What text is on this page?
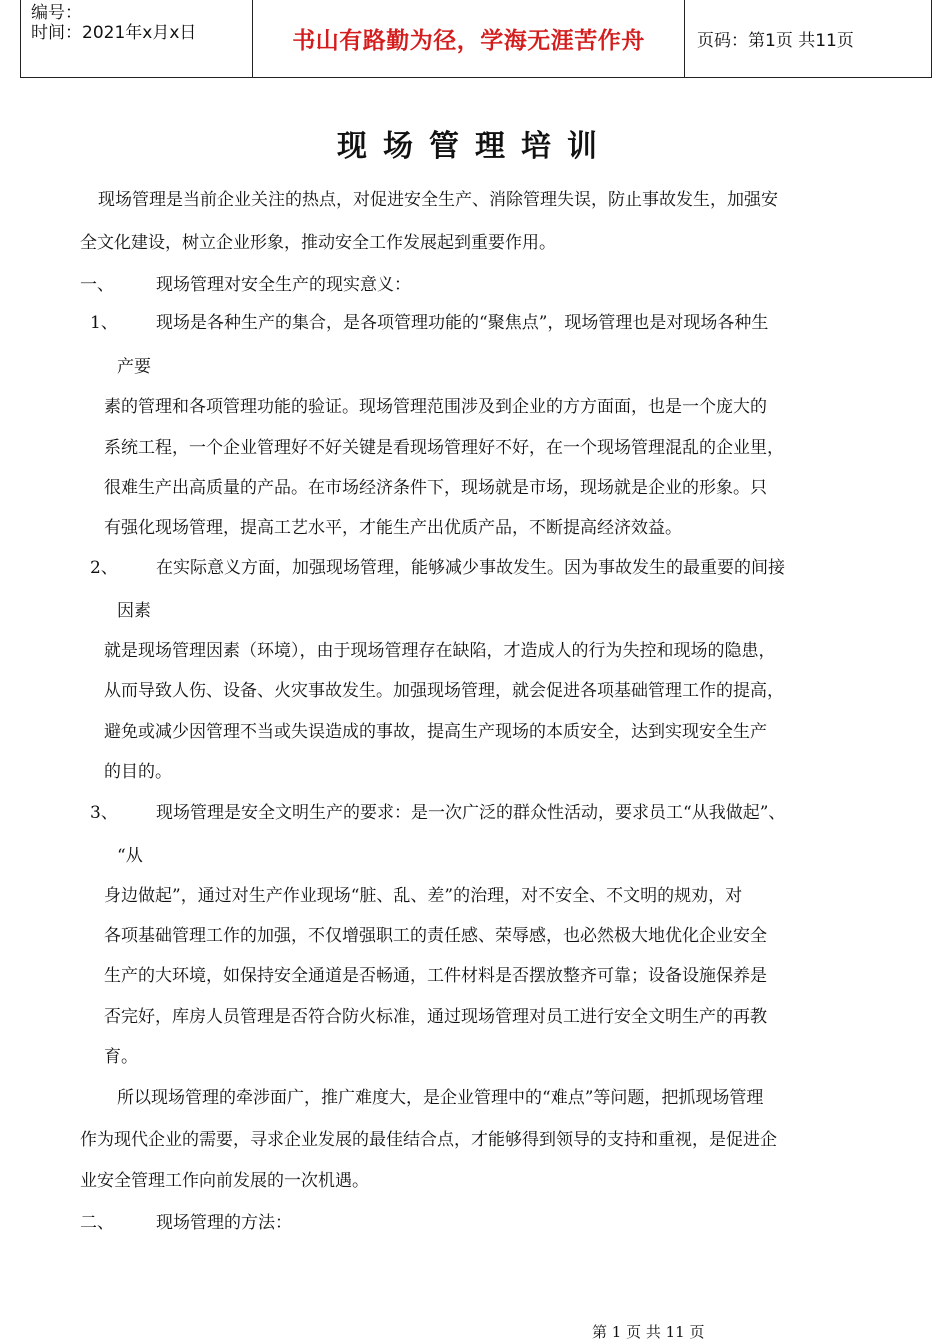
编号：
时间：2021年x月x日	书山有路勤为径，学海无涯苦作舟	页码：第1页 共11页
现场管理培训
现场管理是当前企业关注的热点，对促进安全生产、消除管理失误，防止事故发生，加强安
全文化建设，树立企业形象，推动安全工作发展起到重要作用。
一、 现场管理对安全生产的现实意义：
1、 现场是各种生产的集合，是各项管理功能的“聚焦点”，现场管理也是对现场各种生
产要
素的管理和各项管理功能的验证。现场管理范围涉及到企业的方方面面，也是一个庞大的
系统工程，一个企业管理好不好关键是看现场管理好不好，在一个现场管理混乱的企业里，
很难生产出高质量的产品。在市场经济条件下，现场就是市场，现场就是企业的形象。只
有强化现场管理，提高工艺水平，才能生产出优质产品，不断提高经济效益。
2、 在实际意义方面，加强现场管理，能够减少事故发生。因为事故发生的最重要的间接
因素
就是现场管理因素（环境），由于现场管理存在缺陷，才造成人的行为失控和现场的隐患，
从而导致人伤、设备、火灾事故发生。加强现场管理，就会促进各项基础管理工作的提高，
避免或减少因管理不当或失误造成的事故，提高生产现场的本质安全，达到实现安全生产
的目的。
3、 现场管理是安全文明生产的要求：是一次广泛的群众性活动，要求员工“从我做起”、
“从
身边做起”，通过对生产作业现场“脏、乱、差”的治理，对不安全、不文明的规劝，对
各项基础管理工作的加强，不仅增强职工的责任感、荣辱感，也必然极大地优化企业安全
生产的大环境，如保持安全通道是否畅通，工件材料是否摆放整齐可靠；设备设施保养是
否完好，库房人员管理是否符合防火标准，通过现场管理对员工进行安全文明生产的再教
育。
所以现场管理的牵涉面广，推广难度大，是企业管理中的“难点”等问题，把抓现场管理
作为现代企业的需要，寻求企业发展的最佳结合点，才能够得到领导的支持和重视，是促进企
业安全管理工作向前发展的一次机遇。
二、 现场管理的方法：
第 1 页 共 11 页
